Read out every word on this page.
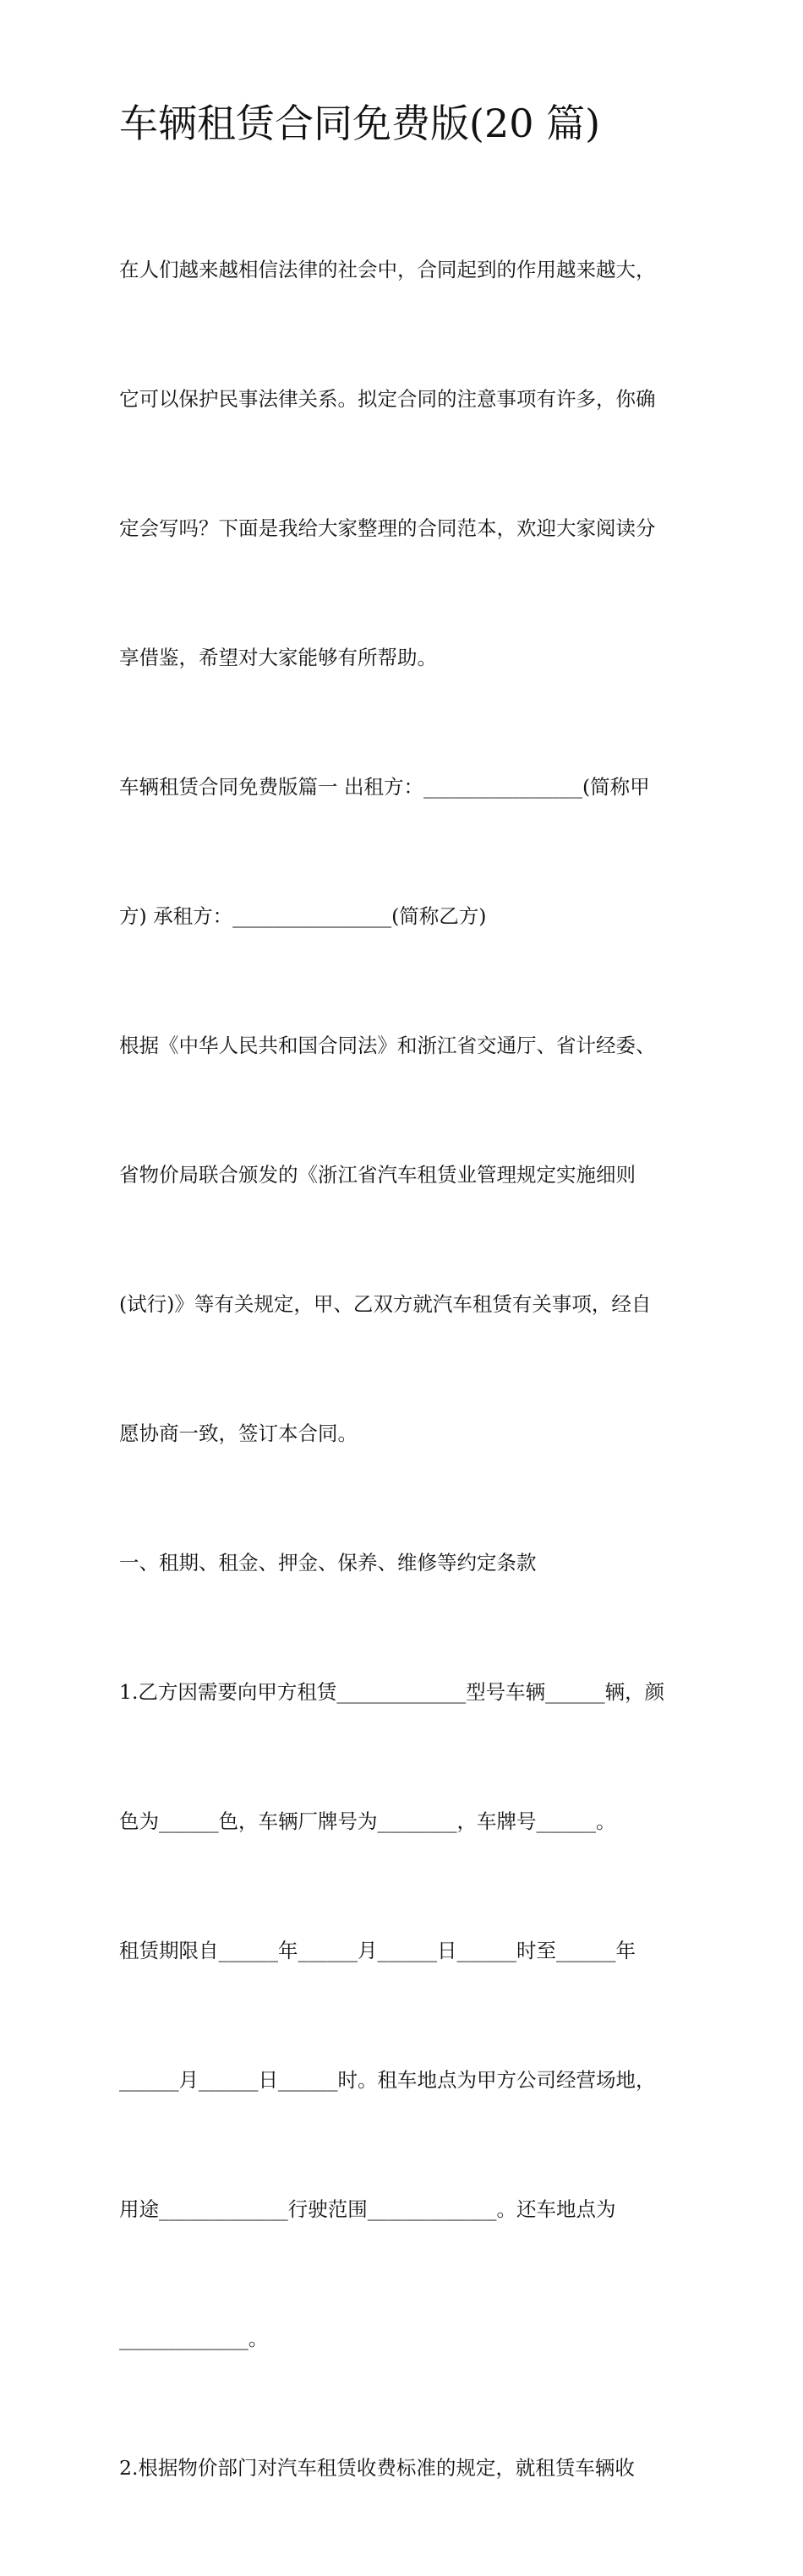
车辆租赁合同免费版(20 篇)

在人们越来越相信法律的社会中，合同起到的作用越来越大，

它可以保护民事法律关系。拟定合同的注意事项有许多，你确

定会写吗？下面是我给大家整理的合同范本，欢迎大家阅读分

享借鉴，希望对大家能够有所帮助。

车辆租赁合同免费版篇一 出租方：________________(简称甲

方) 承租方：________________(简称乙方)

根据《中华人民共和国合同法》和浙江省交通厅、省计经委、

省物价局联合颁发的《浙江省汽车租赁业管理规定实施细则

(试行)》等有关规定，甲、乙双方就汽车租赁有关事项，经自

愿协商一致，签订本合同。

一、租期、租金、押金、保养、维修等约定条款

1.乙方因需要向甲方租赁_____________型号车辆______辆，颜

色为______色，车辆厂牌号为________，车牌号______。

租赁期限自______年______月______日______时至______年

______月______日______时。租车地点为甲方公司经营场地，

用途_____________行驶范围_____________。还车地点为

_____________。

2.根据物价部门对汽车租赁收费标准的规定，就租赁车辆收
